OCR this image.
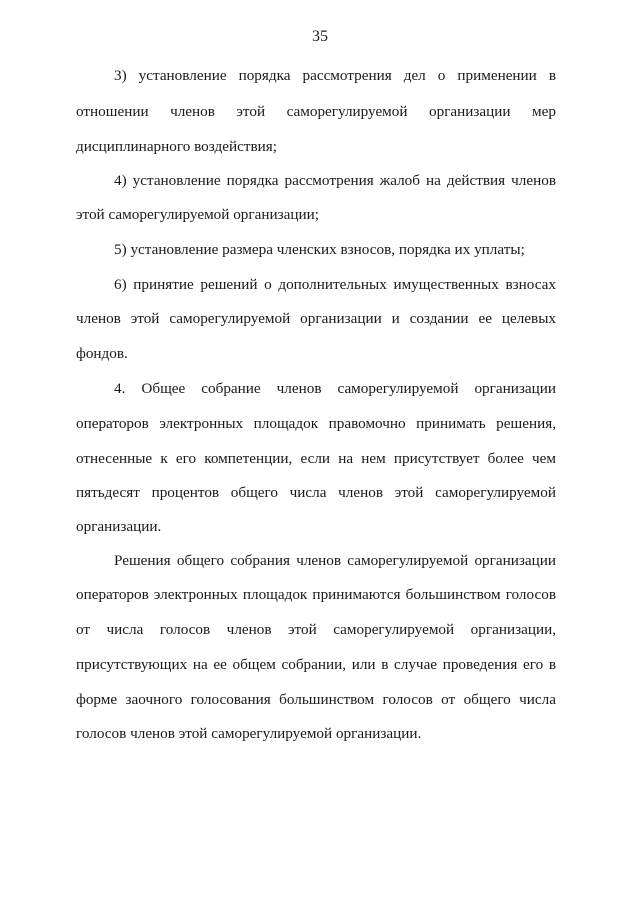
35
3) установление порядка рассмотрения дел о применении в
отношении членов этой саморегулируемой организации мер
дисциплинарного воздействия;
4) установление порядка рассмотрения жалоб на действия членов
этой саморегулируемой организации;
5) установление размера членских взносов, порядка их уплаты;
6) принятие решений о дополнительных имущественных взносах
членов этой саморегулируемой организации и создании ее целевых
фондов.
4. Общее собрание членов саморегулируемой организации
операторов электронных площадок правомочно принимать решения,
отнесенные к его компетенции, если на нем присутствует более чем
пятьдесят процентов общего числа членов этой саморегулируемой
организации.
Решения общего собрания членов саморегулируемой организации
операторов электронных площадок принимаются большинством голосов
от числа голосов членов этой саморегулируемой организации,
присутствующих на ее общем собрании, или в случае проведения его в
форме заочного голосования большинством голосов от общего числа
голосов членов этой саморегулируемой организации.
